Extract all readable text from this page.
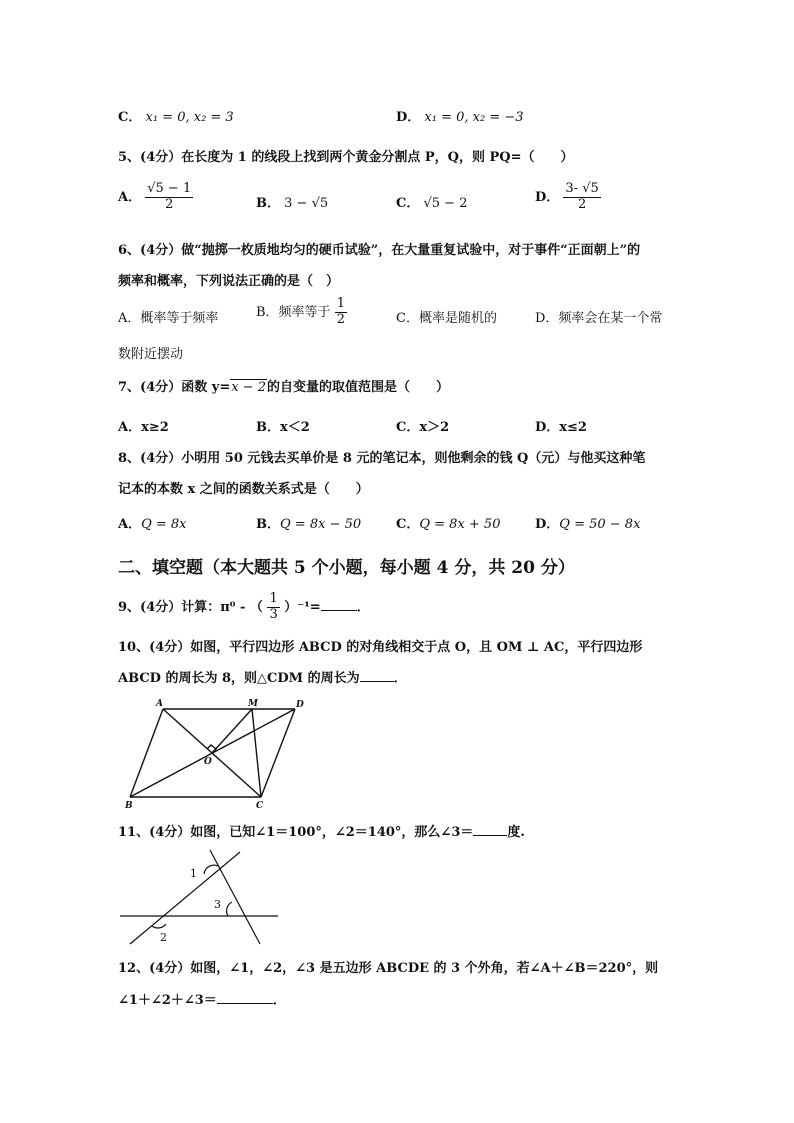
C． x₁ = 0, x₂ = 3	D． x₁ = 0, x₂ = −3
5、(4分）在长度为 1 的线段上找到两个黄金分割点 P，Q，则 PQ=（　　）
A． $\frac{√5 - 1}{2}$	B． 3 − √5	C． √5 − 2	D． $\frac{3- √5}{2}$
6、(4分）做“抛掷一枚质地均匀的硬币试验”，在大量重复试验中，对于事件“正面朝上”的
频率和概率，下列说法正确的是（　）
A．概率等于频率	B．频率等于 $\frac{1}{2}$	C．概率是随机的	D．频率会在某一个常
数附近摆动
7、(4分）函数 y=x − 2的自变量的取值范围是（　　）
A．x≥2	B．x＜2	C．x＞2	D．x≤2
8、(4分）小明用 50 元钱去买单价是 8 元的笔记本，则他剩余的钱 Q（元）与他买这种笔
记本的本数 x 之间的函数关系式是（　　）
A．Q = 8x	B．Q = 8x − 50	C．Q = 8x + 50	D．Q = 50 − 8x
二、填空题（本大题共 5 个小题，每小题 4 分，共 20 分）
9、(4分）计算：π⁰ - （ $\frac{1}{3} )^{-1}=$	．
10、(4分）如图，平行四边形 ABCD 的对角线相交于点 O，且 OM ⊥ AC，平行四边形
ABCD 的周长为 8，则△CDM 的周长为	．
A	M	D
O
B	C
11、(4分）如图，已知∠1＝100°，∠2＝140°，那么∠3＝	度.
1
2
3
12、(4分）如图，∠1，∠2，∠3 是五边形 ABCDE 的 3 个外角，若∠A＋∠B＝220°，则
∠1＋∠2＋∠3＝	．
